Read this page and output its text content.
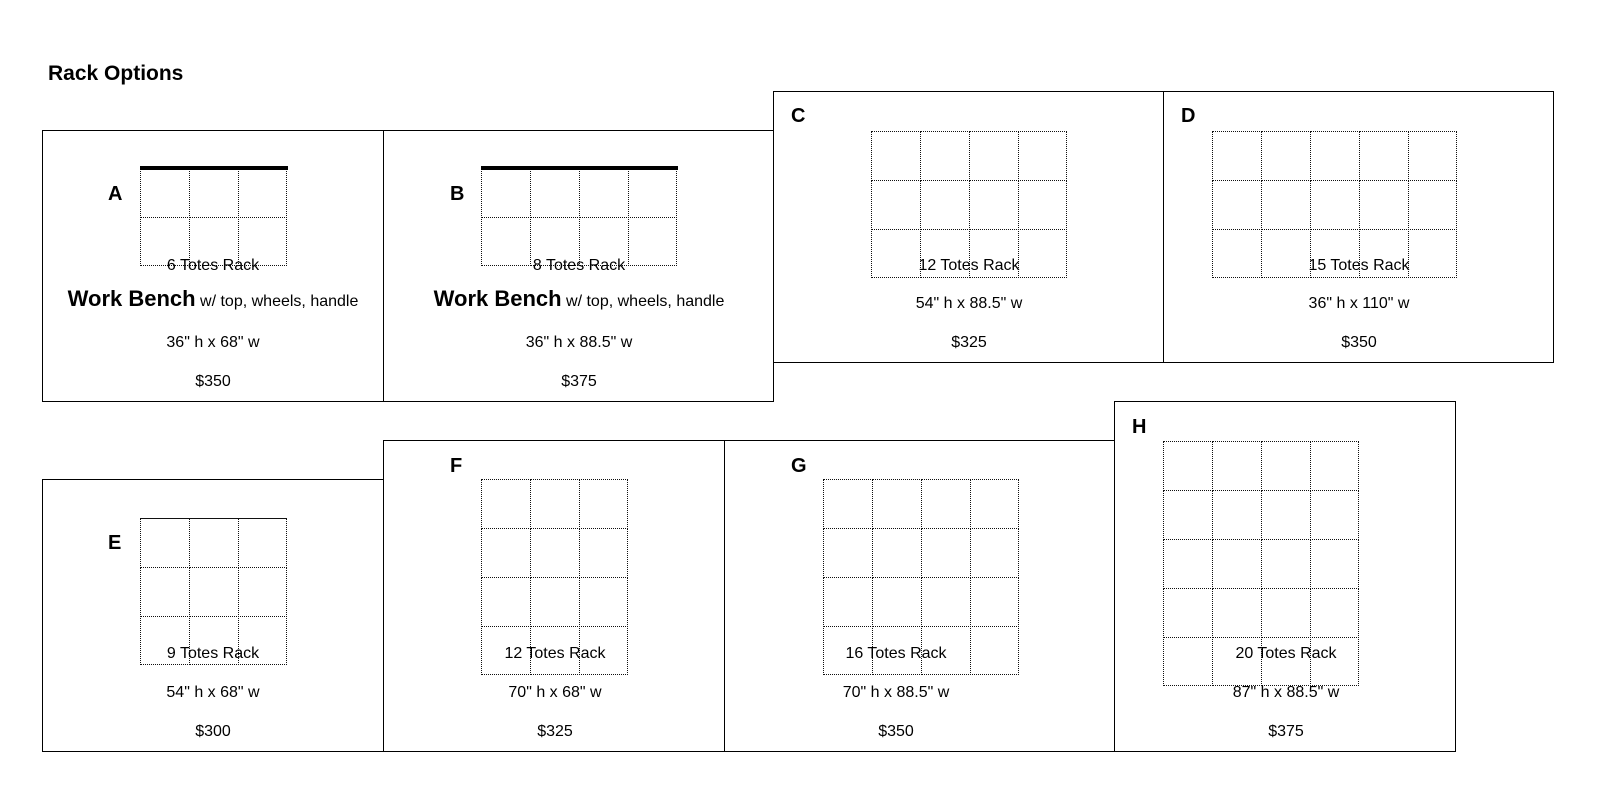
Rack Options
A
6 Totes Rack
Work Bench w/ top, wheels, handle
36" h x 68" w
$350
B
8 Totes Rack
Work Bench w/ top, wheels, handle
36" h x 88.5" w
$375
C
12 Totes Rack
54" h x 88.5" w
$325
D
15 Totes Rack
36" h x 110" w
$350
E
9 Totes Rack
54" h x 68" w
$300
F
12 Totes Rack
70" h x 68" w
$325
G
16 Totes Rack
70" h x 88.5" w
$350
H
20 Totes Rack
87" h x 88.5" w
$375
